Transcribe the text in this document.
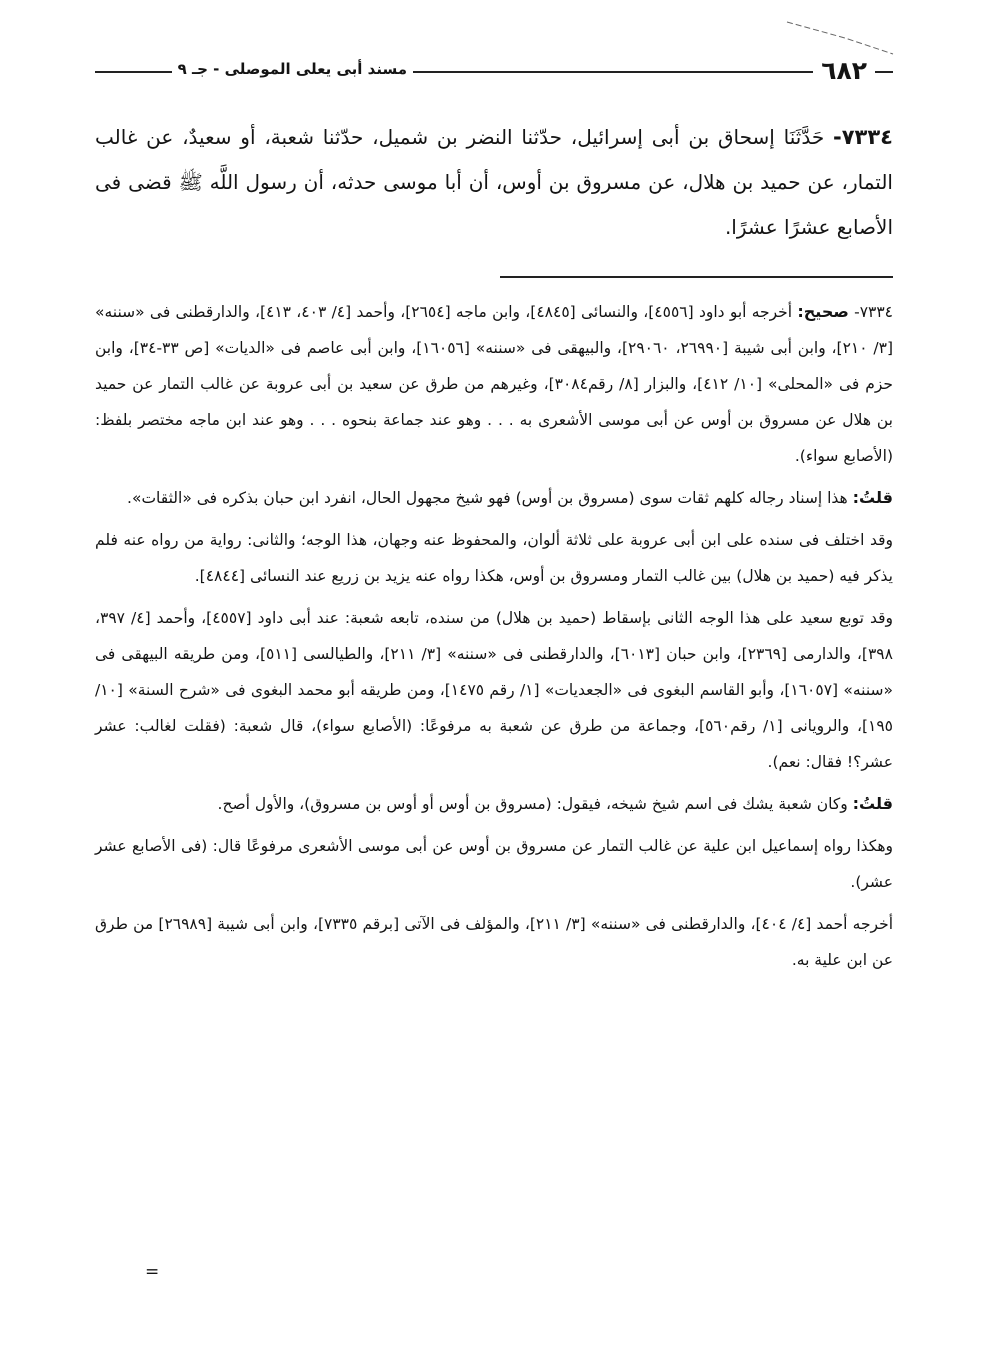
٦٨٢
مسند أبى يعلى الموصلى - جـ ٩
٧٣٣٤- حَدَّثَنَا إسحاق بن أبى إسرائيل، حدّثنا النضر بن شميل، حدّثنا شعبة، أو سعيدٌ، عن غالب التمار، عن حميد بن هلال، عن مسروق بن أوس، أن أبا موسى حدثه، أن رسول اللَّه ﷺ قضى فى الأصابع عشرًا عشرًا.

٧٣٣٤- صحيح: أخرجه أبو داود [٤٥٥٦]، والنسائى [٤٨٤٥]، وابن ماجه [٢٦٥٤]، وأحمد [٤/ ٤٠٣، ٤١٣]، والدارقطنى فى «سننه» [٣/ ٢١٠]، وابن أبى شيبة [٢٦٩٩٠، ٢٩٠٦٠]، والبيهقى فى «سننه» [١٦٠٥٦]، وابن أبى عاصم فى «الديات» [ص ٣٣-٣٤]، وابن حزم فى «المحلى» [١٠/ ٤١٢]، والبزار [٨/ رقم٣٠٨٤]، وغيرهم من طرق عن سعيد بن أبى عروبة عن غالب التمار عن حميد بن هلال عن مسروق بن أوس عن أبى موسى الأشعرى به . . . وهو عند جماعة بنحوه . . . وهو عند ابن ماجه مختصر بلفظ: (الأصابع سواء).

قلتُ: هذا إسناد رجاله كلهم ثقات سوى (مسروق بن أوس) فهو شيخ مجهول الحال، انفرد ابن حبان بذكره فى «الثقات».

وقد اختلف فى سنده على ابن أبى عروبة على ثلاثة ألوان، والمحفوظ عنه وجهان، هذا الوجه؛ والثانى: رواية من رواه عنه فلم يذكر فيه (حميد بن هلال) بين غالب التمار ومسروق بن أوس، هكذا رواه عنه يزيد بن زريع عند النسائى [٤٨٤٤].

وقد توبع سعيد على هذا الوجه الثانى بإسقاط (حميد بن هلال) من سنده، تابعه شعبة: عند أبى داود [٤٥٥٧]، وأحمد [٤/ ٣٩٧، ٣٩٨]، والدارمى [٢٣٦٩]، وابن حبان [٦٠١٣]، والدارقطنى فى «سننه» [٣/ ٢١١]، والطيالسى [٥١١]، ومن طريقه البيهقى فى «سننه» [١٦٠٥٧]، وأبو القاسم البغوى فى «الجعديات» [١/ رقم ١٤٧٥]، ومن طريقه أبو محمد البغوى فى «شرح السنة» [١٠/ ١٩٥]، والرويانى [١/ رقم٥٦٠]، وجماعة من طرق عن شعبة به مرفوعًا: (الأصابع سواء)، قال شعبة: (فقلت لغالب: عشر عشر؟! فقال: نعم).

قلتُ: وكان شعبة يشك فى اسم شيخ شيخه، فيقول: (مسروق بن أوس أو أوس بن مسروق)، والأول أصح.

وهكذا رواه إسماعيل ابن علية عن غالب التمار عن مسروق بن أوس عن أبى موسى الأشعرى مرفوعًا قال: (فى الأصابع عشر عشر).

أخرجه أحمد [٤/ ٤٠٤]، والدارقطنى فى «سننه» [٣/ ٢١١]، والمؤلف فى الآتى [برقم ٧٣٣٥]، وابن أبى شيبة [٢٦٩٨٩] من طرق عن ابن علية به.

=
